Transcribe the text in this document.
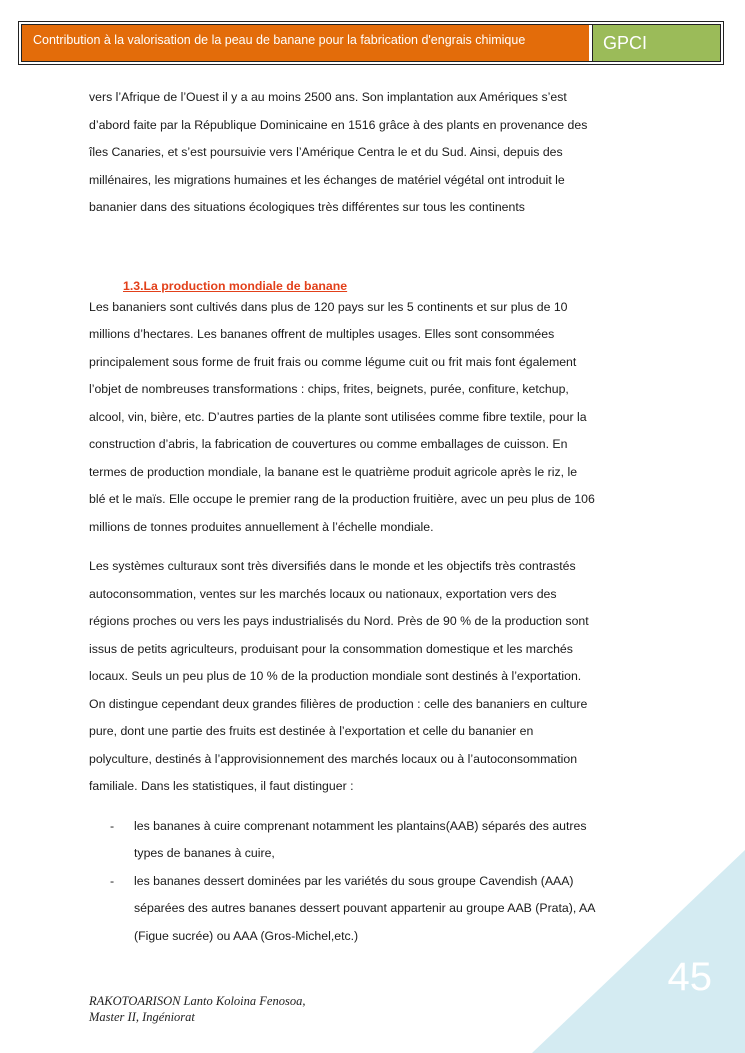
Contribution à la valorisation de la peau de banane pour la fabrication d'engrais chimique	GPCI
vers l’Afrique de l’Ouest il y a au moins 2500 ans. Son implantation aux Amériques s’est
d’abord faite par la République Dominicaine en 1516 grâce à des plants en provenance des
îles Canaries, et s’est poursuivie vers l’Amérique Centra le et du Sud. Ainsi, depuis des
millénaires, les migrations humaines et les échanges de matériel végétal ont introduit le
bananier dans des situations écologiques très différentes sur tous les continents
1.3.La production mondiale de banane
Les bananiers sont cultivés dans plus de 120 pays sur les 5 continents et sur plus de 10
millions d’hectares. Les bananes offrent de multiples usages. Elles sont consommées
principalement sous forme de fruit frais ou comme légume cuit ou frit mais font également
l’objet de nombreuses transformations : chips, frites, beignets, purée, confiture, ketchup,
alcool, vin, bière, etc. D’autres parties de la plante sont utilisées comme fibre textile, pour la
construction d’abris, la fabrication de couvertures ou comme emballages de cuisson. En
termes de production mondiale, la banane est le quatrième produit agricole après le riz, le
blé et le maïs. Elle occupe le premier rang de la production fruitière, avec un peu plus de 106
millions de tonnes produites annuellement à l’échelle mondiale.
Les systèmes culturaux sont très diversifiés dans le monde et les objectifs très contrastés
autoconsommation, ventes sur les marchés locaux ou nationaux, exportation vers des
régions proches ou vers les pays industrialisés du Nord. Près de 90 % de la production sont
issus de petits agriculteurs, produisant pour la consommation domestique et les marchés
locaux. Seuls un peu plus de 10 % de la production mondiale sont destinés à l’exportation.
On distingue cependant deux grandes filières de production : celle des bananiers en culture
pure, dont une partie des fruits est destinée à l’exportation et celle du bananier en
polyculture, destinés à l’approvisionnement des marchés locaux ou à l’autoconsommation
familiale. Dans les statistiques, il faut distinguer :
- les bananes à cuire comprenant notamment les plantains(AAB) séparés des autres
types de bananes à cuire,
- les bananes dessert dominées par les variétés du sous groupe Cavendish (AAA)
séparées des autres bananes dessert pouvant appartenir au groupe AAB (Prata), AA
(Figue sucrée) ou AAA (Gros-Michel,etc.)
45
RAKOTOARISON Lanto Koloina Fenosoa,
Master II, Ingéniorat
